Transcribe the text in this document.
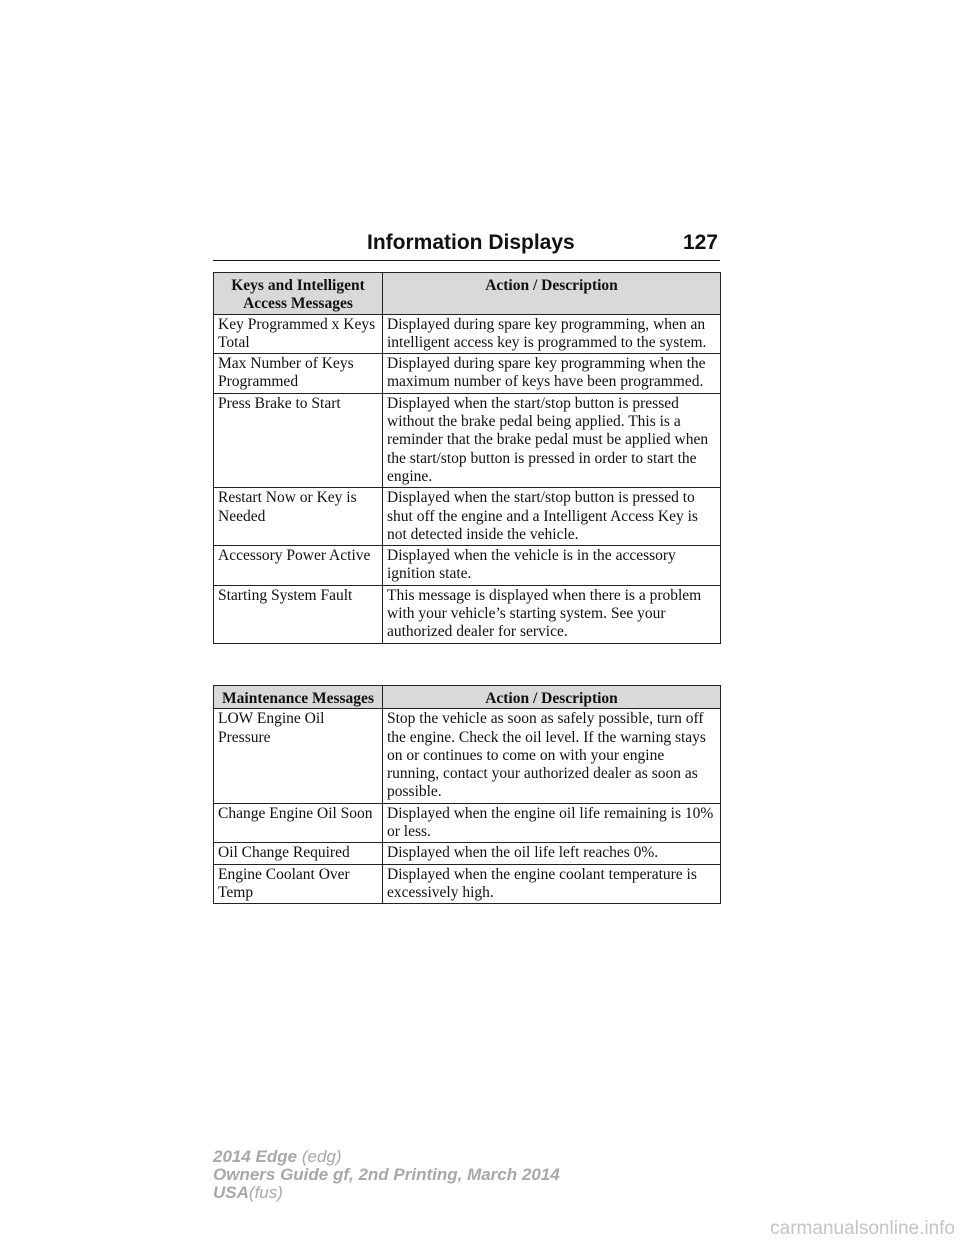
Information Displays	127
Keys and Intelligent Access Messages	Action / Description
Key Programmed x Keys Total	Displayed during spare key programming, when an intelligent access key is programmed to the system.
Max Number of Keys Programmed	Displayed during spare key programming when the maximum number of keys have been programmed.
Press Brake to Start	Displayed when the start/stop button is pressed without the brake pedal being applied. This is a reminder that the brake pedal must be applied when the start/stop button is pressed in order to start the engine.
Restart Now or Key is Needed	Displayed when the start/stop button is pressed to shut off the engine and a Intelligent Access Key is not detected inside the vehicle.
Accessory Power Active	Displayed when the vehicle is in the accessory ignition state.
Starting System Fault	This message is displayed when there is a problem with your vehicle’s starting system. See your authorized dealer for service.
Maintenance Messages	Action / Description
LOW Engine Oil Pressure	Stop the vehicle as soon as safely possible, turn off the engine. Check the oil level. If the warning stays on or continues to come on with your engine running, contact your authorized dealer as soon as possible.
Change Engine Oil Soon	Displayed when the engine oil life remaining is 10% or less.
Oil Change Required	Displayed when the oil life left reaches 0%.
Engine Coolant Over Temp	Displayed when the engine coolant temperature is excessively high.
2014 Edge (edg)
Owners Guide gf, 2nd Printing, March 2014
USA(fus)
carmanualsonline.info
